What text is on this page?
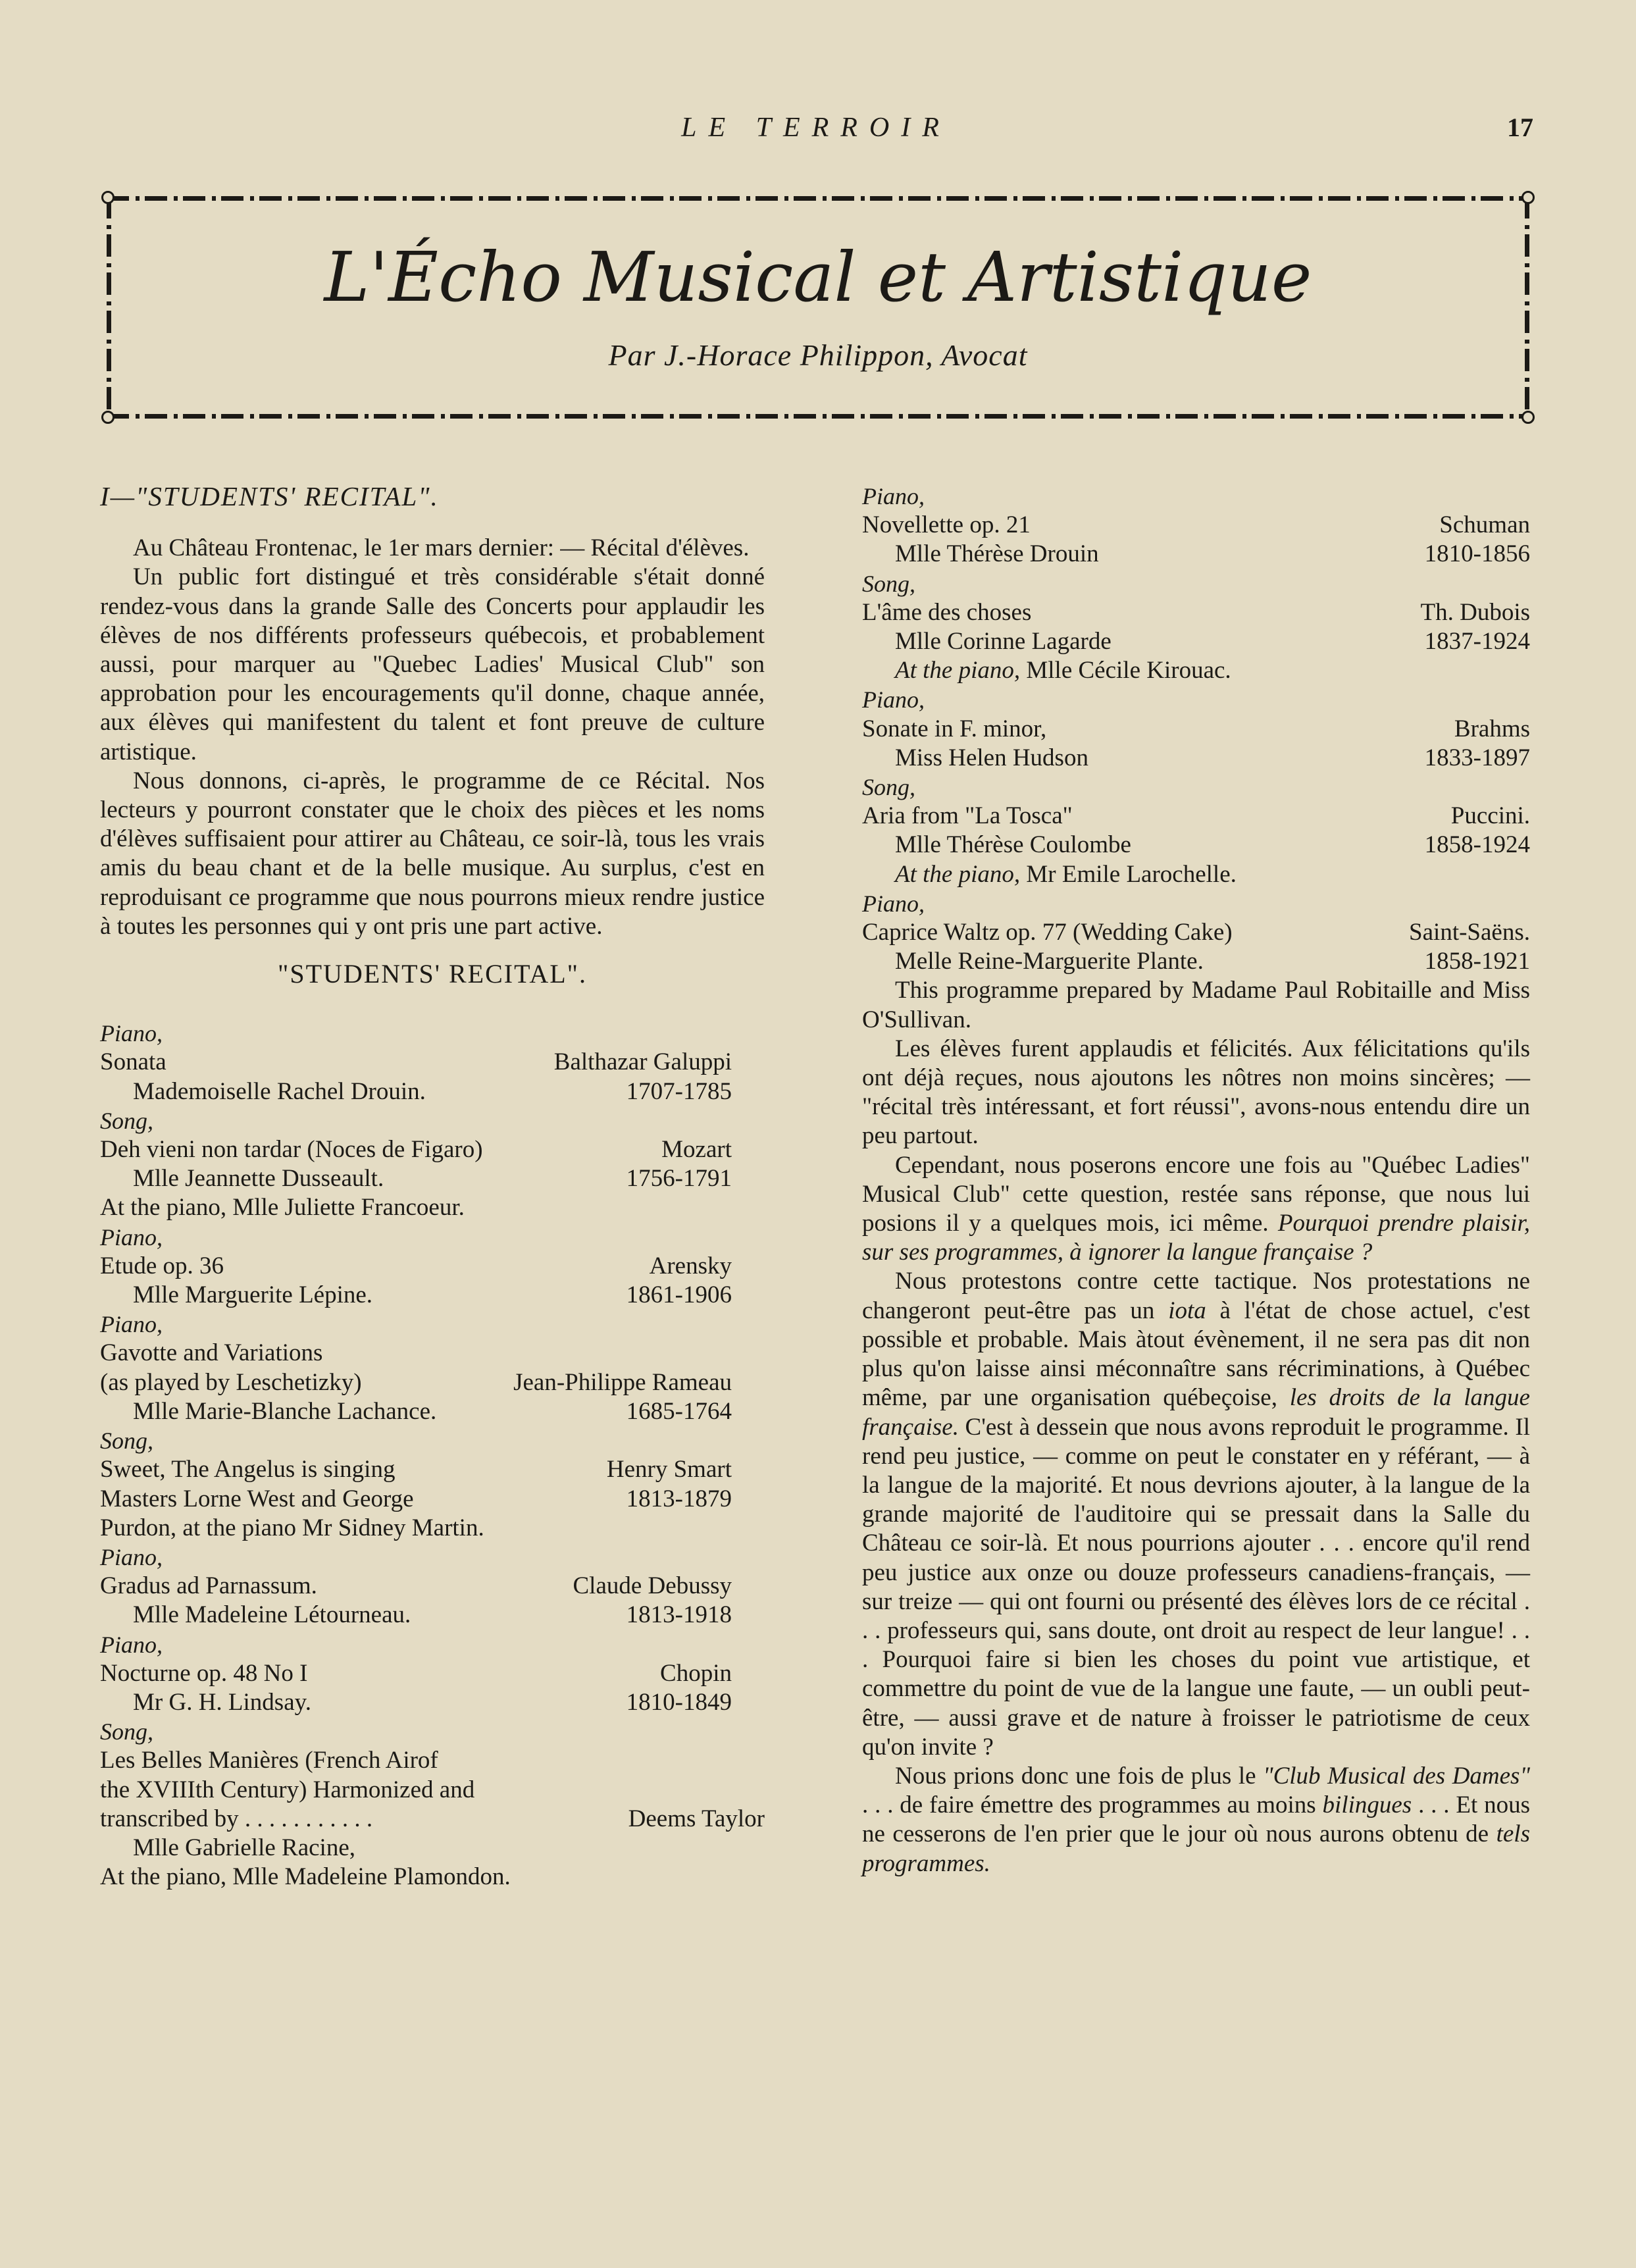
LE TERROIR	17
L'Écho Musical et Artistique
Par J.-Horace Philippon, Avocat

I—"STUDENTS' RECITAL".

Au Château Frontenac, le 1er mars dernier: — Récital d'élèves.

Un public fort distingué et très considérable s'était donné rendez-vous dans la grande Salle des Concerts pour applaudir les élèves de nos différents professeurs québecois, et probablement aussi, pour marquer au "Quebec Ladies' Musical Club" son approbation pour les encouragements qu'il donne, chaque année, aux élèves qui manifestent du talent et font preuve de culture artistique.

Nous donnons, ci-après, le programme de ce Récital. Nos lecteurs y pourront constater que le choix des pièces et les noms d'élèves suffisaient pour attirer au Château, ce soir-là, tous les vrais amis du beau chant et de la belle musique. Au surplus, c'est en reproduisant ce programme que nous pourrons mieux rendre justice à toutes les personnes qui y ont pris une part active.

"STUDENTS' RECITAL".

Piano,
Sonata	Balthazar Galuppi
Mademoiselle Rachel Drouin.	1707-1785
Song,
Deh vieni non tardar (Noces de Figaro)	Mozart
Mlle Jeannette Dusseault.	1756-1791
At the piano, Mlle Juliette Francoeur.
Piano,
Etude op. 36	Arensky
Mlle Marguerite Lépine.	1861-1906
Piano,
Gavotte and Variations
(as played by Leschetizky)	Jean-Philippe Rameau
Mlle Marie-Blanche Lachance.	1685-1764
Song,
Sweet, The Angelus is singing	Henry Smart
Masters Lorne West and George	1813-1879
Purdon, at the piano Mr Sidney Martin.
Piano,
Gradus ad Parnassum.	Claude Debussy
Mlle Madeleine Létourneau.	1813-1918
Piano,
Nocturne op. 48 No I	Chopin
Mr G. H. Lindsay.	1810-1849
Song,
Les Belles Manières (French Airof
the XVIIIth Century) Harmonized and
transcribed by . . . . . . . . . . .	Deems Taylor
Mlle Gabrielle Racine,
At the piano, Mlle Madeleine Plamondon.
Piano,
Novellette op. 21	Schuman
Mlle Thérèse Drouin	1810-1856
Song,
L'âme des choses	Th. Dubois
Mlle Corinne Lagarde	1837-1924
At the piano, Mlle Cécile Kirouac.
Piano,
Sonate in F. minor,	Brahms
Miss Helen Hudson	1833-1897
Song,
Aria from "La Tosca"	Puccini.
Mlle Thérèse Coulombe	1858-1924
At the piano, Mr Emile Larochelle.
Piano,
Caprice Waltz op. 77 (Wedding Cake)	Saint-Saëns.
Melle Reine-Marguerite Plante.	1858-1921

This programme prepared by Madame Paul Robitaille and Miss O'Sullivan.

Les élèves furent applaudis et félicités. Aux félicitations qu'ils ont déjà reçues, nous ajoutons les nôtres non moins sincères; — "récital très intéressant, et fort réussi", avons-nous entendu dire un peu partout.

Cependant, nous poserons encore une fois au "Québec Ladies" Musical Club" cette question, restée sans réponse, que nous lui posions il y a quelques mois, ici même. Pourquoi prendre plaisir, sur ses programmes, à ignorer la langue française ?

Nous protestons contre cette tactique. Nos protestations ne changeront peut-être pas un iota à l'état de chose actuel, c'est possible et probable. Mais àtout évènement, il ne sera pas dit non plus qu'on laisse ainsi méconnaître sans récriminations, à Québec même, par une organisation québeçoise, les droits de la langue française. C'est à dessein que nous avons reproduit le programme. Il rend peu justice, — comme on peut le constater en y référant, — à la langue de la majorité. Et nous devrions ajouter, à la langue de la grande majorité de l'auditoire qui se pressait dans la Salle du Château ce soir-là. Et nous pourrions ajouter . . . encore qu'il rend peu justice aux onze ou douze professeurs canadiens-français, — sur treize — qui ont fourni ou présenté des élèves lors de ce récital . . . professeurs qui, sans doute, ont droit au respect de leur langue! . . . Pourquoi faire si bien les choses du point vue artistique, et commettre du point de vue de la langue une faute, — un oubli peut-être, — aussi grave et de nature à froisser le patriotisme de ceux qu'on invite ?

Nous prions donc une fois de plus le "Club Musical des Dames" . . . de faire émettre des programmes au moins bilingues . . . Et nous ne cesserons de l'en prier que le jour où nous aurons obtenu de tels programmes.
